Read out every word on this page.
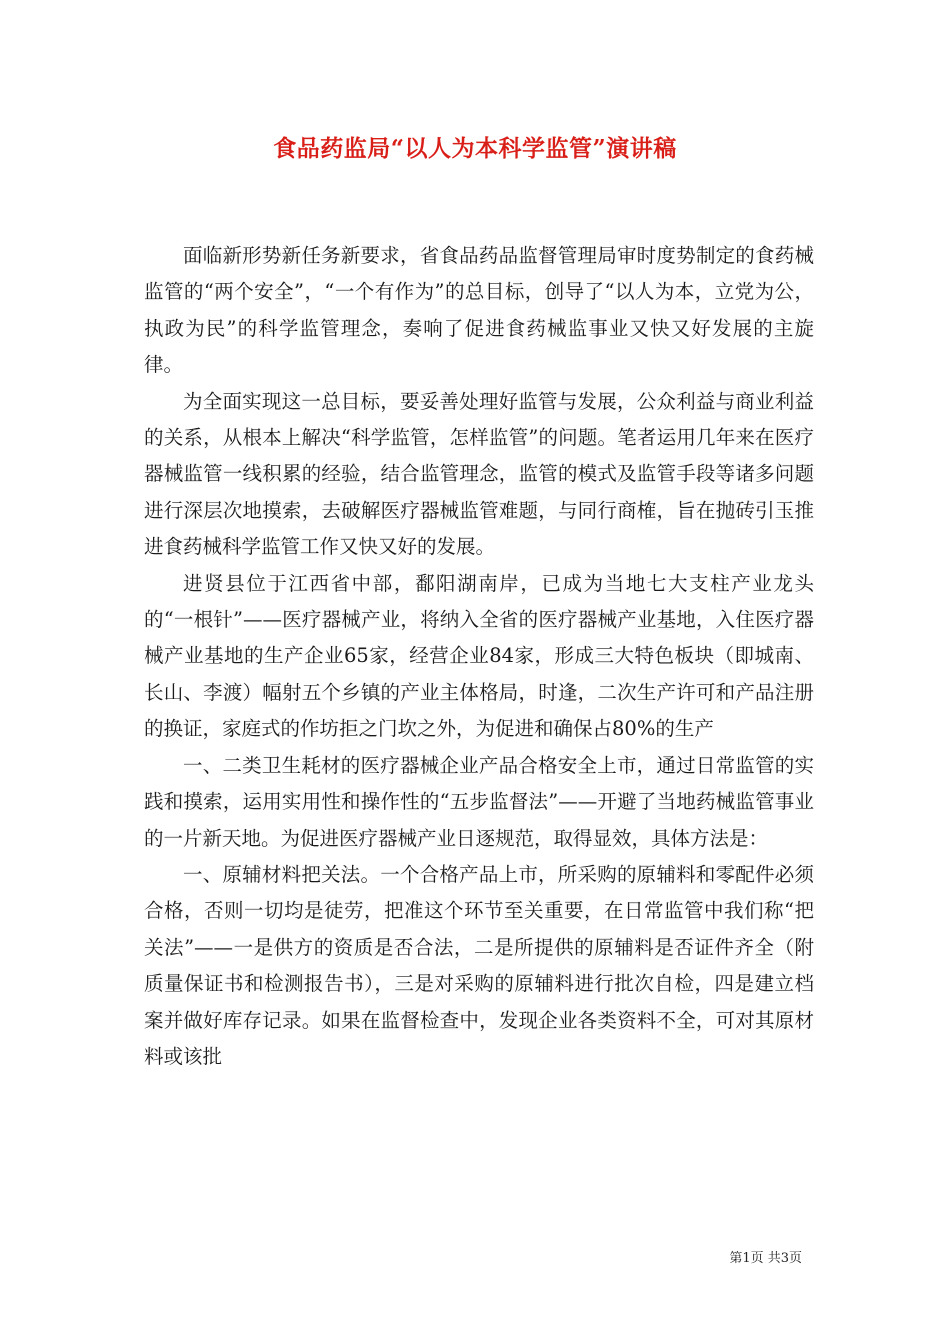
食品药监局“以人为本科学监管”演讲稿

面临新形势新任务新要求，省食品药品监督管理局审时度势制定的食药械监管的“两个安全”，“一个有作为”的总目标，创导了“以人为本，立党为公，执政为民”的科学监管理念，奏响了促进食药械监事业又快又好发展的主旋律。

为全面实现这一总目标，要妥善处理好监管与发展，公众利益与商业利益的关系，从根本上解决“科学监管，怎样监管”的问题。笔者运用几年来在医疗器械监管一线积累的经验，结合监管理念，监管的模式及监管手段等诸多问题进行深层次地摸索，去破解医疗器械监管难题，与同行商榷，旨在抛砖引玉推进食药械科学监管工作又快又好的发展。

进贤县位于江西省中部，鄱阳湖南岸，已成为当地七大支柱产业龙头的“一根针”——医疗器械产业，将纳入全省的医疗器械产业基地，入住医疗器械产业基地的生产企业65家，经营企业84家，形成三大特色板块（即城南、长山、李渡）幅射五个乡镇的产业主体格局，时逢，二次生产许可和产品注册的换证，家庭式的作坊拒之门坎之外，为促进和确保占80%的生产

一、二类卫生耗材的医疗器械企业产品合格安全上市，通过日常监管的实践和摸索，运用实用性和操作性的“五步监督法”——开避了当地药械监管事业的一片新天地。为促进医疗器械产业日逐规范，取得显效，具体方法是：

一、原辅材料把关法。一个合格产品上市，所采购的原辅料和零配件必须合格，否则一切均是徒劳，把准这个环节至关重要，在日常监管中我们称“把关法”——一是供方的资质是否合法，二是所提供的原辅料是否证件齐全（附质量保证书和检测报告书），三是对采购的原辅料进行批次自检，四是建立档案并做好库存记录。如果在监督检查中，发现企业各类资料不全，可对其原材料或该批

第1页 共3页
